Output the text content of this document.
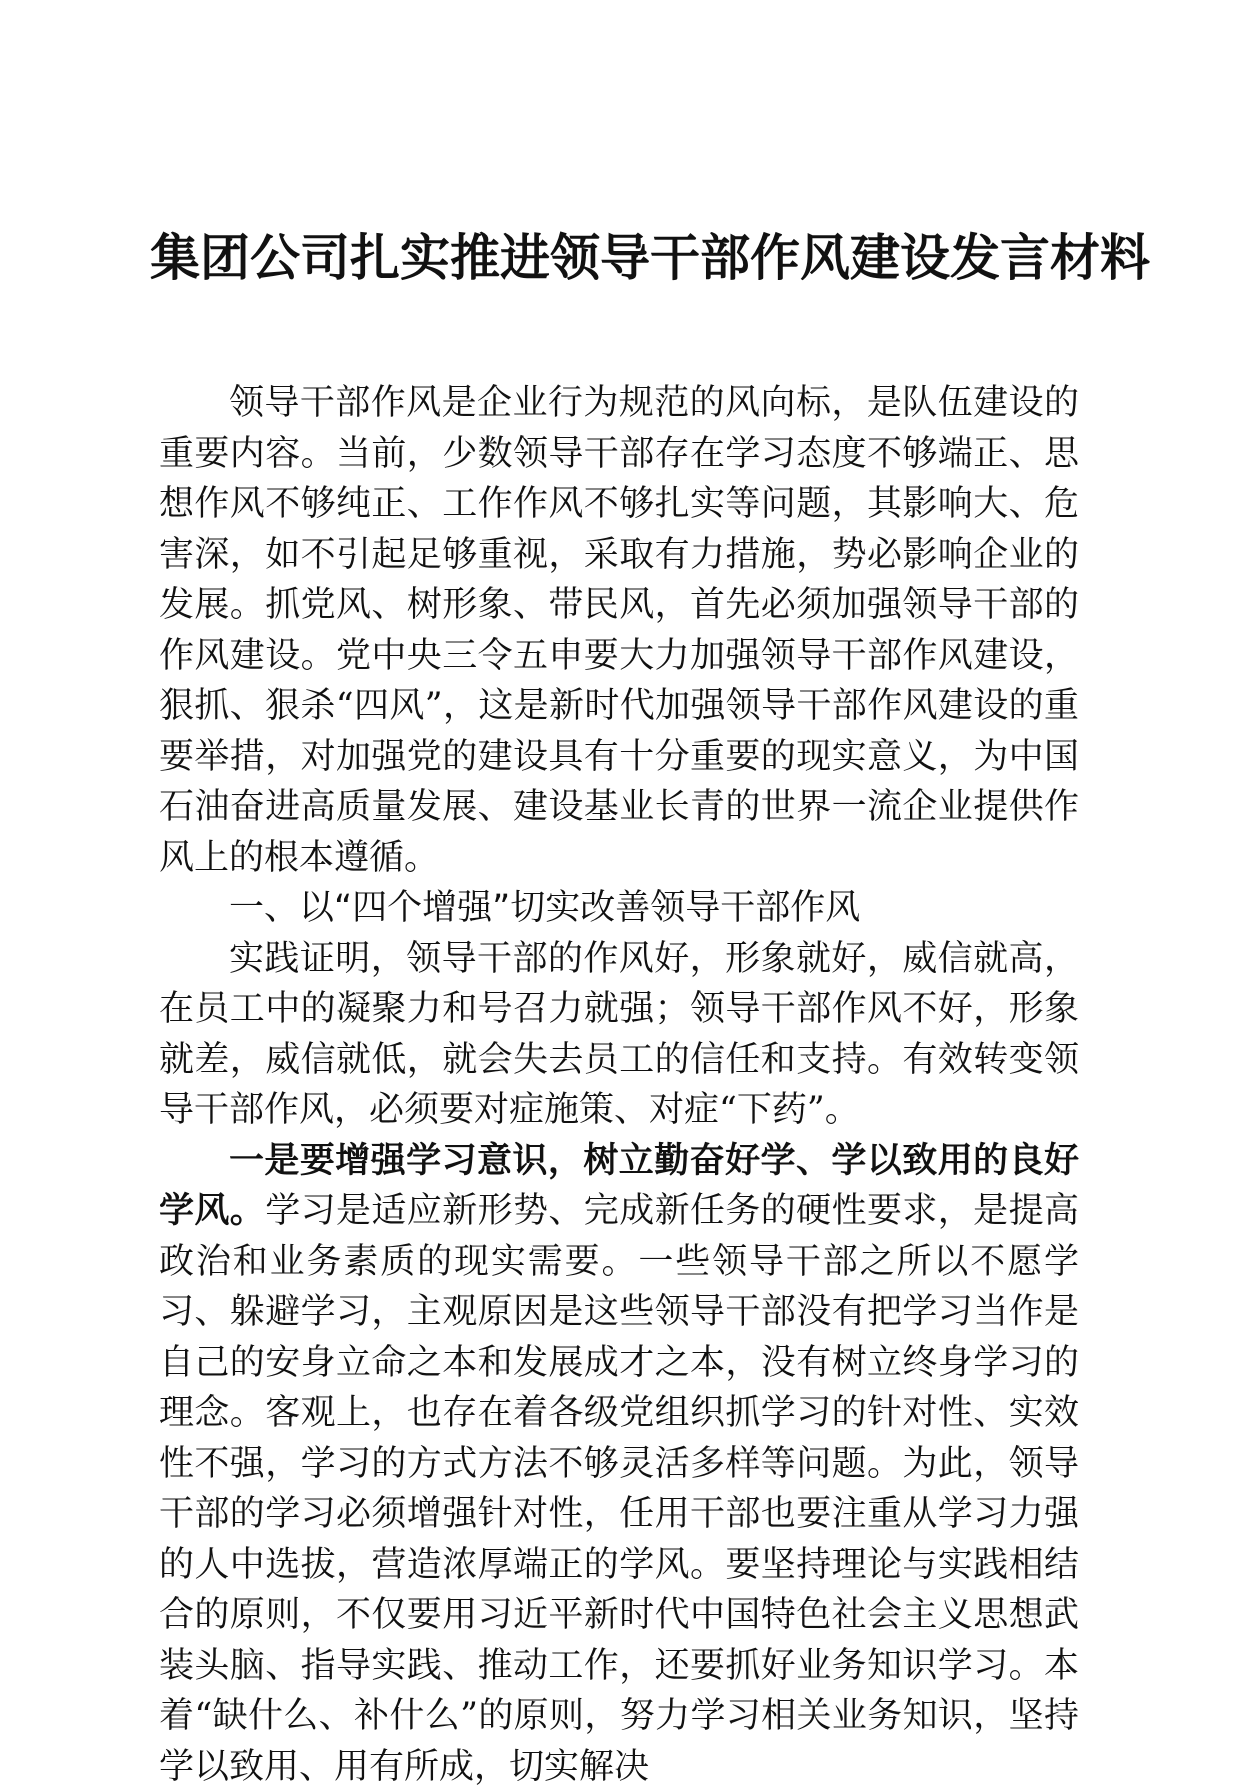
集团公司扎实推进领导干部作风建设发言材料

领导干部作风是企业行为规范的风向标，是队伍建设的重要内容。当前，少数领导干部存在学习态度不够端正、思想作风不够纯正、工作作风不够扎实等问题，其影响大、危害深，如不引起足够重视，采取有力措施，势必影响企业的发展。抓党风、树形象、带民风，首先必须加强领导干部的作风建设。党中央三令五申要大力加强领导干部作风建设，狠抓、狠杀“四风”，这是新时代加强领导干部作风建设的重要举措，对加强党的建设具有十分重要的现实意义，为中国石油奋进高质量发展、建设基业长青的世界一流企业提供作风上的根本遵循。

一、以“四个增强”切实改善领导干部作风

实践证明，领导干部的作风好，形象就好，威信就高，在员工中的凝聚力和号召力就强；领导干部作风不好，形象就差，威信就低，就会失去员工的信任和支持。有效转变领导干部作风，必须要对症施策、对症“下药”。

一是要增强学习意识，树立勤奋好学、学以致用的良好学风。学习是适应新形势、完成新任务的硬性要求，是提高政治和业务素质的现实需要。一些领导干部之所以不愿学习、躲避学习，主观原因是这些领导干部没有把学习当作是自己的安身立命之本和发展成才之本，没有树立终身学习的理念。客观上，也存在着各级党组织抓学习的针对性、实效性不强，学习的方式方法不够灵活多样等问题。为此，领导干部的学习必须增强针对性，任用干部也要注重从学习力强的人中选拔，营造浓厚端正的学风。要坚持理论与实践相结合的原则，不仅要用习近平新时代中国特色社会主义思想武装头脑、指导实践、推动工作，还要抓好业务知识学习。本着“缺什么、补什么”的原则，努力学习相关业务知识，坚持学以致用、用有所成，切实解决
